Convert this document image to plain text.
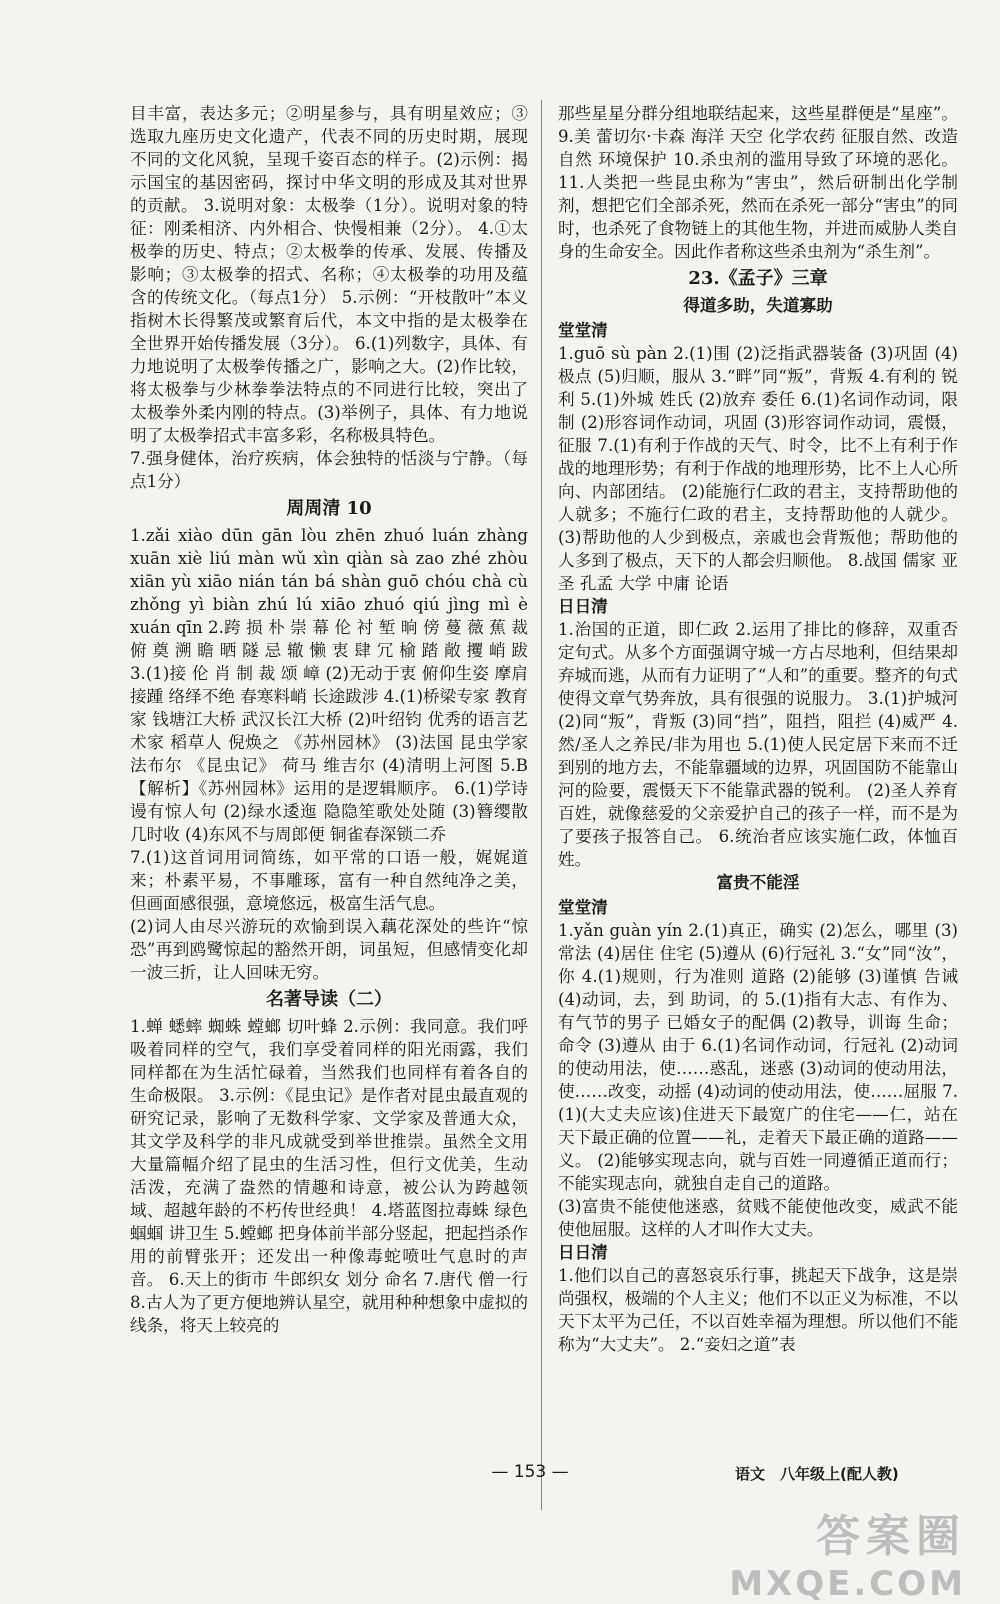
目丰富，表达多元；②明星参与，具有明星效应；③选取九座历史文化遗产，代表不同的历史时期，展现不同的文化风貌，呈现千姿百态的样子。(2)示例：揭示国宝的基因密码，探讨中华文明的形成及其对世界的贡献。 3.说明对象：太极拳（1分）。说明对象的特征：刚柔相济、内外相合、快慢相兼（2分）。 4.①太极拳的历史、特点；②太极拳的传承、发展、传播及影响；③太极拳的招式、名称；④太极拳的功用及蕴含的传统文化。（每点1分） 5.示例：“开枝散叶”本义指树木长得繁茂或繁育后代，本文中指的是太极拳在全世界开始传播发展（3分）。 6.(1)列数字，具体、有力地说明了太极拳传播之广，影响之大。(2)作比较，将太极拳与少林拳拳法特点的不同进行比较，突出了太极拳外柔内刚的特点。(3)举例子，具体、有力地说明了太极拳招式丰富多彩，名称极具特色。

7.强身健体，治疗疾病，体会独特的恬淡与宁静。（每点1分）

周周清 10

1.zǎi xiào dūn gān lòu zhēn zhuó luán zhàng xuān xiè liú màn wǔ xìn qiàn sà zao zhé zhòu xiān yù xiāo nián tán bá shàn guō chóu chà cù zhǒng yì biàn zhú lú xiāo zhuó qiú jìng mì è xuán qīn 2.跨 损 朴 崇 幕 伦 衬 堑 晌 傍 蔓 薇 蕉 裁 俯 奠 溯 瞻 晒 隧 忌 辙 懒 衷 肆 冗 榆 踏 敞 攫 峭 跋 3.(1)接 伦 肖 制 裁 颂 嶂 (2)无动于衷 俯仰生姿 摩肩接踵 络绎不绝 春寒料峭 长途跋涉 4.(1)桥梁专家 教育家 钱塘江大桥 武汉长江大桥 (2)叶绍钧 优秀的语言艺术家 稻草人 倪焕之 《苏州园林》 (3)法国 昆虫学家 法布尔 《昆虫记》 荷马 维吉尔 (4)清明上河图 5.B 【解析】《苏州园林》运用的是逻辑顺序。 6.(1)学诗谩有惊人句 (2)绿水逶迤 隐隐笙歌处处随 (3)簪缨散 几时收 (4)东风不与周郎便 铜雀春深锁二乔

7.(1)这首词用词简练，如平常的口语一般，娓娓道来；朴素平易，不事雕琢，富有一种自然纯净之美，但画面感很强，意境悠远，极富生活气息。

(2)词人由尽兴游玩的欢愉到误入藕花深处的些许“惊恐”再到鸥鹭惊起的豁然开朗，词虽短，但感情变化却一波三折，让人回味无穷。

名著导读（二）

1.蝉 蟋蟀 蜘蛛 螳螂 切叶蜂 2.示例：我同意。我们呼吸着同样的空气，我们享受着同样的阳光雨露，我们同样都在为生活忙碌着，当然我们也同样有着各自的生命极限。 3.示例：《昆虫记》是作者对昆虫最直观的研究记录，影响了无数科学家、文学家及普通大众，其文学及科学的非凡成就受到举世推崇。虽然全文用大量篇幅介绍了昆虫的生活习性，但行文优美，生动活泼，充满了盎然的情趣和诗意，被公认为跨越领域、超越年龄的不朽传世经典！ 4.塔蓝图拉毒蛛 绿色蝈蝈 讲卫生 5.螳螂 把身体前半部分竖起，把起挡杀作用的前臂张开；还发出一种像毒蛇喷吐气息时的声音。 6.天上的街市 牛郎织女 划分 命名 7.唐代 僧一行 8.古人为了更方便地辨认星空，就用种种想象中虚拟的线条，将天上较亮的

那些星星分群分组地联结起来，这些星群便是“星座”。 9.美 蕾切尔·卡森 海洋 天空 化学农药 征服自然、改造自然 环境保护 10.杀虫剂的滥用导致了环境的恶化。 11.人类把一些昆虫称为“害虫”，然后研制出化学制剂，想把它们全部杀死，然而在杀死一部分“害虫”的同时，也杀死了食物链上的其他生物，并进而威胁人类自身的生命安全。因此作者称这些杀虫剂为“杀生剂”。

23.《孟子》三章
得道多助，失道寡助

堂堂清

1.guō sù pàn 2.(1)围 (2)泛指武器装备 (3)巩固 (4)极点 (5)归顺，服从 3.“畔”同“叛”，背叛 4.有利的 锐利 5.(1)外城 姓氏 (2)放弃 委任 6.(1)名词作动词，限制 (2)形容词作动词，巩固 (3)形容词作动词，震慑，征服 7.(1)有利于作战的天气、时令，比不上有利于作战的地理形势；有利于作战的地理形势，比不上人心所向、内部团结。 (2)能施行仁政的君主，支持帮助他的人就多；不施行仁政的君主，支持帮助他的人就少。 (3)帮助他的人少到极点，亲戚也会背叛他；帮助他的人多到了极点，天下的人都会归顺他。 8.战国 儒家 亚圣 孔孟 大学 中庸 论语

日日清

1.治国的正道，即仁政 2.运用了排比的修辞，双重否定句式。从多个方面强调守城一方占尽地利，但结果却弃城而逃，从而有力证明了“人和”的重要。整齐的句式使得文章气势奔放，具有很强的说服力。 3.(1)护城河 (2)同“叛”，背叛 (3)同“挡”，阻挡，阻拦 (4)威严 4.然/圣人之养民/非为用也 5.(1)使人民定居下来而不迁到别的地方去，不能靠疆域的边界，巩固国防不能靠山河的险要，震慑天下不能靠武器的锐利。 (2)圣人养育百姓，就像慈爱的父亲爱护自己的孩子一样，而不是为了要孩子报答自己。 6.统治者应该实施仁政，体恤百姓。

富贵不能淫

堂堂清

1.yǎn guàn yín 2.(1)真正，确实 (2)怎么，哪里 (3)常法 (4)居住 住宅 (5)遵从 (6)行冠礼 3.“女”同“汝”，你 4.(1)规则，行为准则 道路 (2)能够 (3)谨慎 告诫 (4)动词，去，到 助词，的 5.(1)指有大志、有作为、有气节的男子 已婚女子的配偶 (2)教导，训诲 生命；命令 (3)遵从 由于 6.(1)名词作动词，行冠礼 (2)动词的使动用法，使……惑乱，迷惑 (3)动词的使动用法，使……改变，动摇 (4)动词的使动用法，使……屈服 7.(1)(大丈夫应该)住进天下最宽广的住宅——仁，站在天下最正确的位置——礼，走着天下最正确的道路——义。 (2)能够实现志向，就与百姓一同遵循正道而行；不能实现志向，就独自走自己的道路。

(3)富贵不能使他迷惑，贫贱不能使他改变，威武不能使他屈服。这样的人才叫作大丈夫。

日日清

1.他们以自己的喜怒哀乐行事，挑起天下战争，这是崇尚强权，极端的个人主义；他们不以正义为标准，不以天下太平为己任，不以百姓幸福为理想。所以他们不能称为“大丈夫”。 2.“妾妇之道”表

— 153 —	语文　八年级上(配人教)
答案圈
MXQE.COM
